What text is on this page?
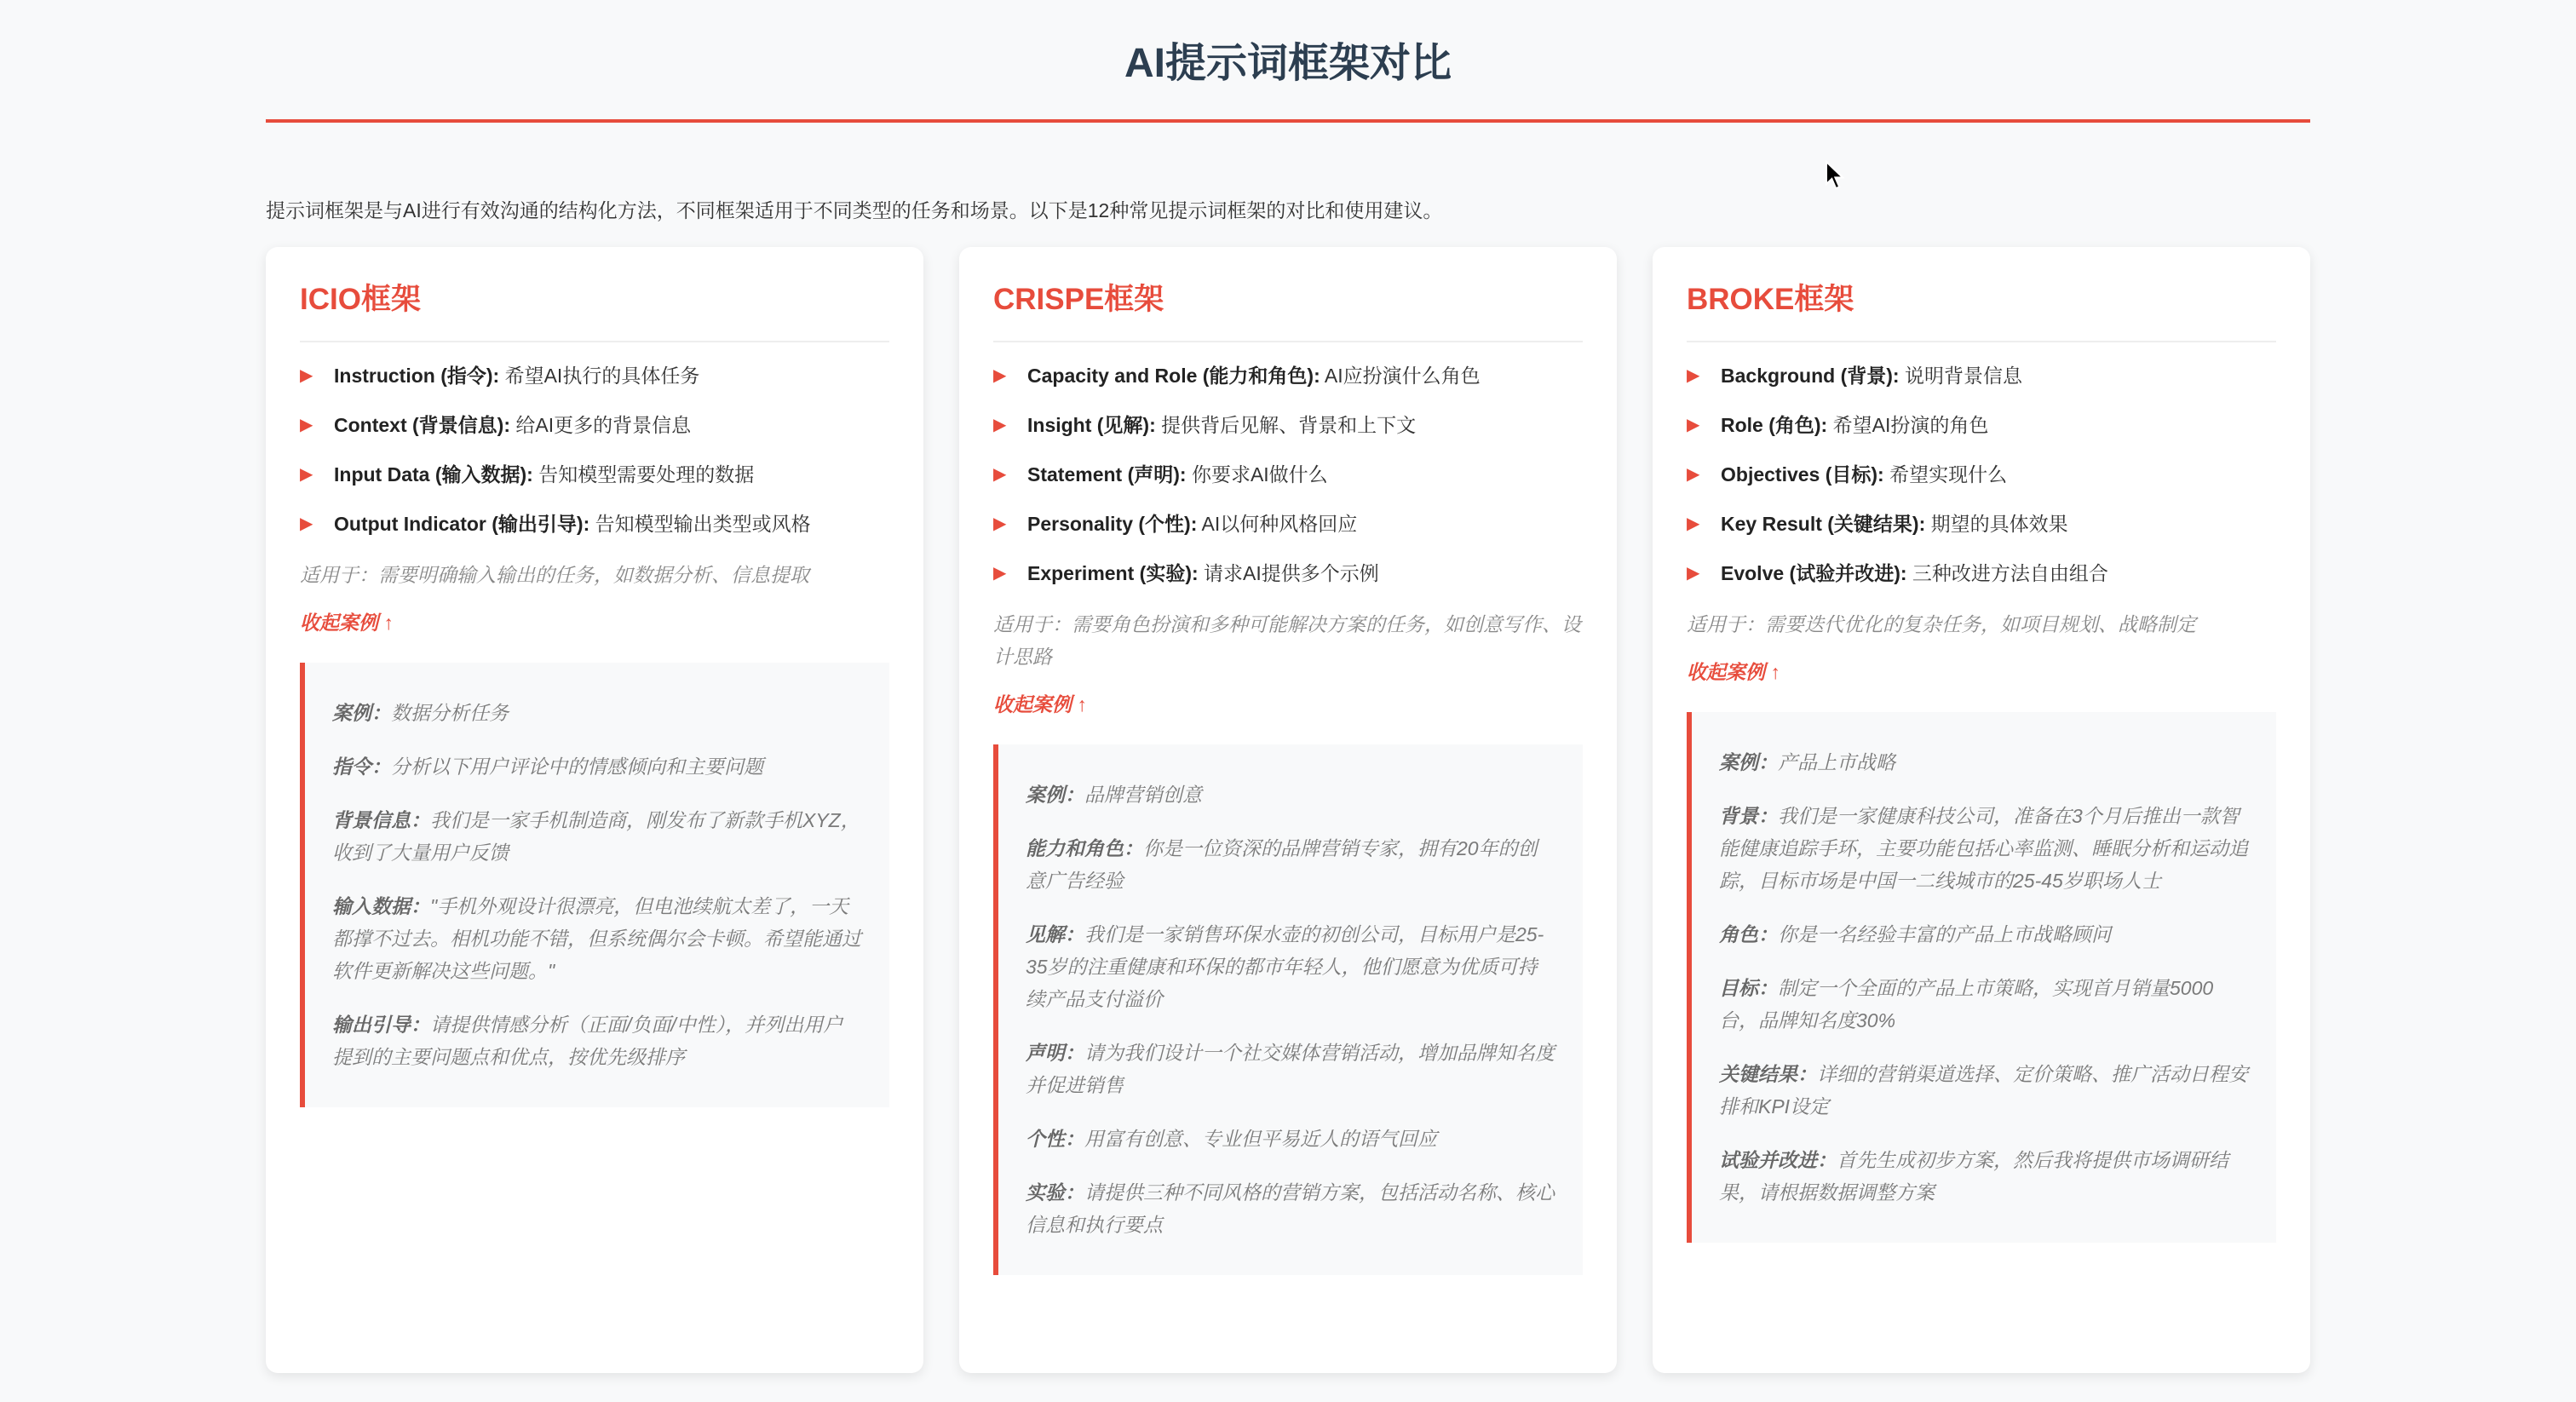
AI提示词框架对比

提示词框架是与AI进行有效沟通的结构化方法，不同框架适用于不同类型的任务和场景。以下是12种常见提示词框架的对比和使用建议。

ICIO框架
▶	Instruction (指令): 希望AI执行的具体任务
▶	Context (背景信息): 给AI更多的背景信息
▶	Input Data (输入数据): 告知模型需要处理的数据
▶	Output Indicator (输出引导): 告知模型输出类型或风格

适用于：需要明确输入输出的任务，如数据分析、信息提取

收起案例 ↑

案例：数据分析任务

指令：分析以下用户评论中的情感倾向和主要问题

背景信息：我们是一家手机制造商，刚发布了新款手机XYZ，收到了大量用户反馈

输入数据："手机外观设计很漂亮，但电池续航太差了，一天都撑不过去。相机功能不错，但系统偶尔会卡顿。希望能通过软件更新解决这些问题。"

输出引导：请提供情感分析（正面/负面/中性），并列出用户提到的主要问题点和优点，按优先级排序

CRISPE框架
▶	Capacity and Role (能力和角色): AI应扮演什么角色
▶	Insight (见解): 提供背后见解、背景和上下文
▶	Statement (声明): 你要求AI做什么
▶	Personality (个性): AI以何种风格回应
▶	Experiment (实验): 请求AI提供多个示例

适用于：需要角色扮演和多种可能解决方案的任务，如创意写作、设计思路

收起案例 ↑

案例：品牌营销创意

能力和角色：你是一位资深的品牌营销专家，拥有20年的创意广告经验

见解：我们是一家销售环保水壶的初创公司，目标用户是25-35岁的注重健康和环保的都市年轻人，他们愿意为优质可持续产品支付溢价

声明：请为我们设计一个社交媒体营销活动，增加品牌知名度并促进销售

个性：用富有创意、专业但平易近人的语气回应

实验：请提供三种不同风格的营销方案，包括活动名称、核心信息和执行要点

BROKE框架
▶	Background (背景): 说明背景信息
▶	Role (角色): 希望AI扮演的角色
▶	Objectives (目标): 希望实现什么
▶	Key Result (关键结果): 期望的具体效果
▶	Evolve (试验并改进): 三种改进方法自由组合

适用于：需要迭代优化的复杂任务，如项目规划、战略制定

收起案例 ↑

案例：产品上市战略

背景：我们是一家健康科技公司，准备在3个月后推出一款智能健康追踪手环，主要功能包括心率监测、睡眠分析和运动追踪，目标市场是中国一二线城市的25-45岁职场人士

角色：你是一名经验丰富的产品上市战略顾问

目标：制定一个全面的产品上市策略，实现首月销量5000台，品牌知名度30%

关键结果：详细的营销渠道选择、定价策略、推广活动日程安排和KPI设定

试验并改进：首先生成初步方案，然后我将提供市场调研结果，请根据数据调整方案
